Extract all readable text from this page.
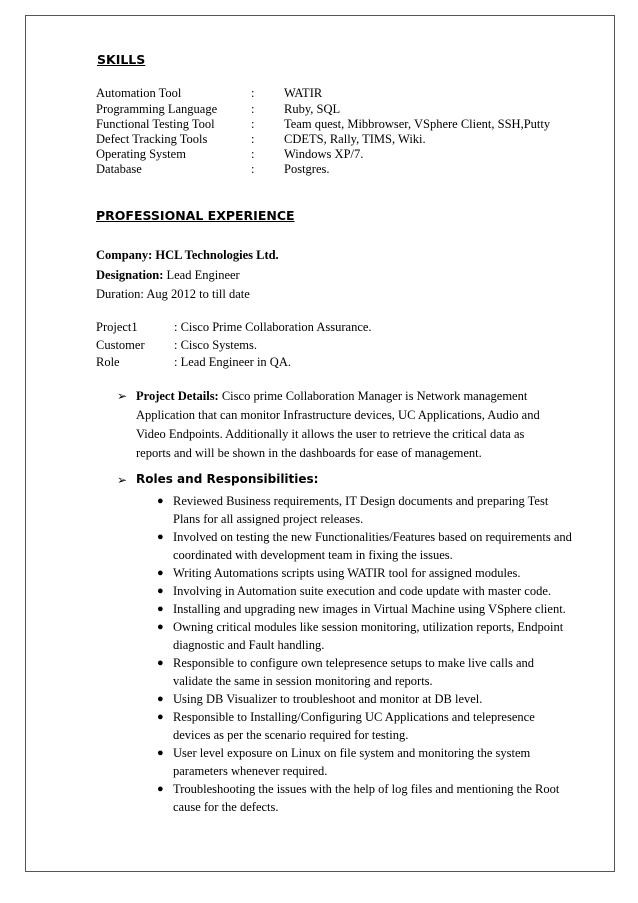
SKILLS
Automation Tool	: WATIR
Programming Language	: Ruby, SQL
Functional Testing Tool	: Team quest, Mibbrowser, VSphere Client, SSH,Putty
Defect Tracking Tools	: CDETS, Rally, TIMS, Wiki.
Operating System	: Windows XP/7.
Database	: Postgres.
PROFESSIONAL EXPERIENCE
Company: HCL Technologies Ltd.
Designation: Lead Engineer
Duration: Aug 2012 to till date
Project1	: Cisco Prime Collaboration Assurance.
Customer : Cisco Systems.
Role	: Lead Engineer in QA.
➢ Project Details: Cisco prime Collaboration Manager is Network management Application that can monitor Infrastructure devices, UC Applications, Audio and Video Endpoints. Additionally it allows the user to retrieve the critical data as reports and will be shown in the dashboards for ease of management.
➢ Roles and Responsibilities:
● Reviewed Business requirements, IT Design documents and preparing Test Plans for all assigned project releases.
● Involved on testing the new Functionalities/Features based on requirements and coordinated with development team in fixing the issues.
● Writing Automations scripts using WATIR tool for assigned modules.
● Involving in Automation suite execution and code update with master code.
● Installing and upgrading new images in Virtual Machine using VSphere client.
● Owning critical modules like session monitoring, utilization reports, Endpoint diagnostic and Fault handling.
● Responsible to configure own telepresence setups to make live calls and validate the same in session monitoring and reports.
● Using DB Visualizer to troubleshoot and monitor at DB level.
● Responsible to Installing/Configuring UC Applications and telepresence devices as per the scenario required for testing.
● User level exposure on Linux on file system and monitoring the system parameters whenever required.
● Troubleshooting the issues with the help of log files and mentioning the Root cause for the defects.
